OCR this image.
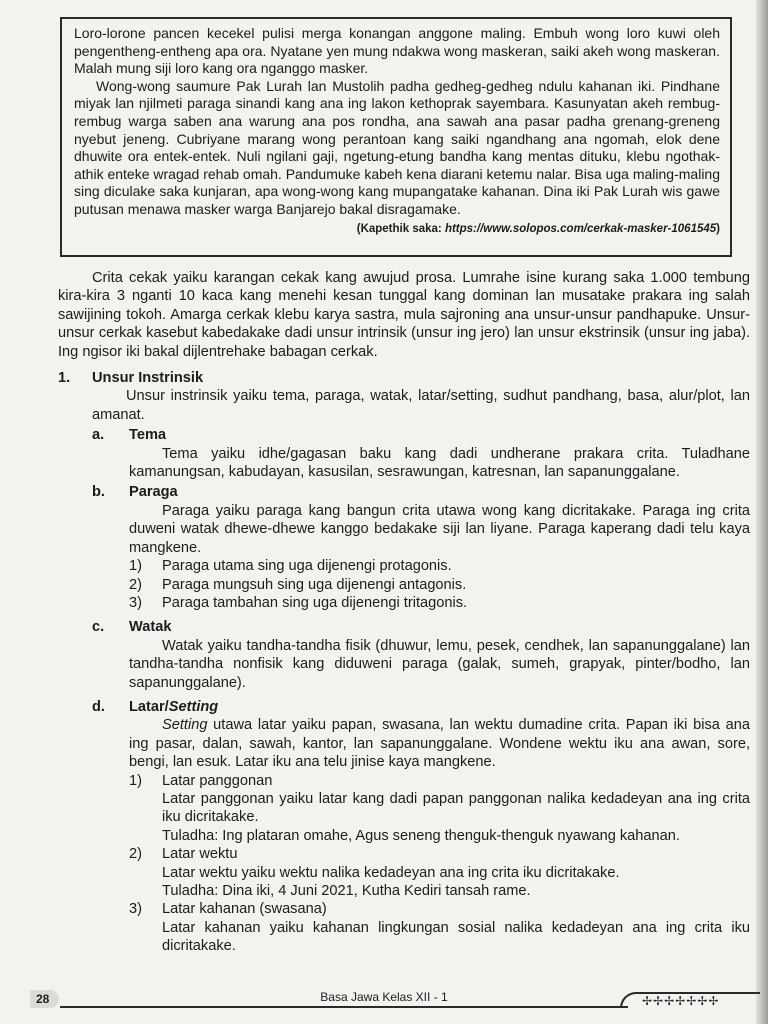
Loro-lorone pancen kecekel pulisi merga konangan anggone maling. Embuh wong loro kuwi oleh pengentheng-entheng apa ora. Nyatane yen mung ndakwa wong maskeran, saiki akeh wong maskeran. Malah mung siji loro kang ora nganggo masker.

Wong-wong saumure Pak Lurah lan Mustolih padha gedheg-gedheg ndulu kahanan iki. Pindhane miyak lan njilmeti paraga sinandi kang ana ing lakon kethoprak sayembara. Kasunyatan akeh rembug-rembug warga saben ana warung ana pos rondha, ana sawah ana pasar padha grenang-greneng nyebut jeneng. Cubriyane marang wong perantoan kang saiki ngandhang ana ngomah, elok dene dhuwite ora entek-entek. Nuli ngilani gaji, ngetung-etung bandha kang mentas dituku, klebu ngothak-athik enteke wragad rehab omah. Pandumuke kabeh kena diarani ketemu nalar. Bisa uga maling-maling sing diculake saka kunjaran, apa wong-wong kang mupangatake kahanan. Dina iki Pak Lurah wis gawe putusan menawa masker warga Banjarejo bakal disragamake.

(Kapethik saka: https://www.solopos.com/cerkak-masker-1061545)

Crita cekak yaiku karangan cekak kang awujud prosa. Lumrahe isine kurang saka 1.000 tembung kira-kira 3 nganti 10 kaca kang menehi kesan tunggal kang dominan lan musatake prakara ing salah sawijining tokoh. Amarga cerkak klebu karya sastra, mula sajroning ana unsur-unsur pandhapuke. Unsur-unsur cerkak kasebut kabedakake dadi unsur intrinsik (unsur ing jero) lan unsur ekstrinsik (unsur ing jaba). Ing ngisor iki bakal dijlentrehake babagan cerkak.

1.	Unsur Instrinsik

Unsur instrinsik yaiku tema, paraga, watak, latar/setting, sudhut pandhang, basa, alur/plot, lan amanat.

a.	Tema

Tema yaiku idhe/gagasan baku kang dadi undherane prakara crita. Tuladhane kamanungsan, kabudayan, kasusilan, sesrawungan, katresnan, lan sapanunggalane.

b.	Paraga

Paraga yaiku paraga kang bangun crita utawa wong kang dicritakake. Paraga ing crita duweni watak dhewe-dhewe kanggo bedakake siji lan liyane. Paraga kaperang dadi telu kaya mangkene.

1)	Paraga utama sing uga dijenengi protagonis.
2)	Paraga mungsuh sing uga dijenengi antagonis.
3)	Paraga tambahan sing uga dijenengi tritagonis.
c.	Watak

Watak yaiku tandha-tandha fisik (dhuwur, lemu, pesek, cendhek, lan sapanunggalane) lan tandha-tandha nonfisik kang diduweni paraga (galak, sumeh, grapyak, pinter/bodho, lan sapanunggalane).

d.	Latar/ Setting

Setting utawa latar yaiku papan, swasana, lan wektu dumadine crita. Papan iki bisa ana ing pasar, dalan, sawah, kantor, lan sapanunggalane. Wondene wektu iku ana awan, sore, bengi, lan esuk. Latar iku ana telu jinise kaya mangkene.

1)	Latar panggonan

Latar panggonan yaiku latar kang dadi papan panggonan nalika kedadeyan ana ing crita iku dicritakake.

Tuladha: Ing plataran omahe, Agus seneng thenguk-thenguk nyawang kahanan.

2)	Latar wektu

Latar wektu yaiku wektu nalika kedadeyan ana ing crita iku dicritakake.

Tuladha: Dina iki, 4 Juni 2021, Kutha Kediri tansah rame.

3)	Latar kahanan (swasana)

Latar kahanan yaiku kahanan lingkungan sosial nalika kedadeyan ana ing crita iku dicritakake.

28	Basa Jawa Kelas XII - 1	✢✢✢✢✢✢✢
